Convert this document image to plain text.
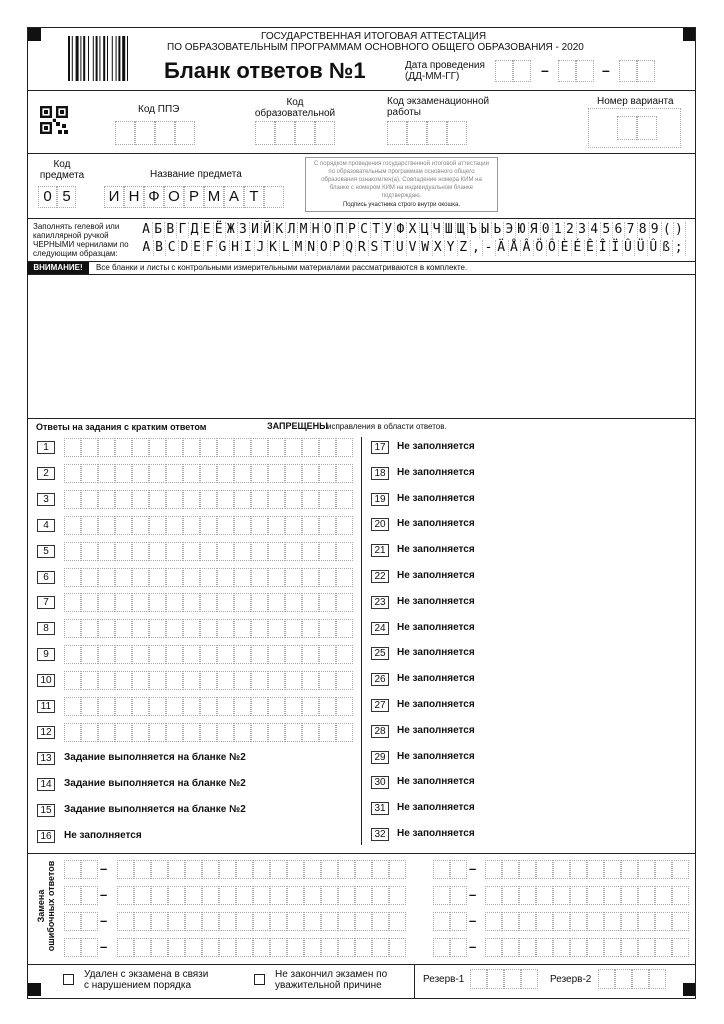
ГОСУДАРСТВЕННАЯ ИТОГОВАЯ АТТЕСТАЦИЯ
ПО ОБРАЗОВАТЕЛЬНЫМ ПРОГРАММАМ ОСНОВНОГО ОБЩЕГО ОБРАЗОВАНИЯ - 2020
Бланк ответов №1	Дата проведения
(ДД-ММ-ГГ)	–	–
Код ППЭ
Код образовательной
Код экзаменационной работы
Номер варианта
Код предмета	Название предмета
С порядком проведения государственной итоговой аттестации по образовательным программам основного общего образования ознакомлен(а). Совпадение номера КИМ на бланке с номером КИМ на индивидуальном бланке подтверждаю.
Подпись участника строго внутри окошка.
Заполнять гелевой или капиллярной ручкой ЧЕРНЫМИ чернилами по следующим образцам:
А Б В Г Д Е Ё Ж З И Й К Л М Н О П Р С Т У Ф Х Ц Ч Ш Щ Ъ Ы Ь Э Ю Я 0 1 2 3 4 5 6 7 8 9 ( )
A B C D E F G H I J K L M N O P Q R S T U V W X Y Z , - Ä Å Â Ö Ô È É Ê Î Ï Û Ü Û ß ;
ВНИМАНИЕ!	Все бланки и листы с контрольными измерительными материалами рассматриваются в комплекте.
Ответы на задания с кратким ответом	ЗАПРЕЩЕНЫ исправления в области ответов.
1
2
3
4
5
6
7
8
9
10
11
12
13	Задание выполняется на бланке №2
14	Задание выполняется на бланке №2
15	Задание выполняется на бланке №2
16	Не заполняется
17	Не заполняется
18	Не заполняется
19	Не заполняется
20	Не заполняется
21	Не заполняется
22	Не заполняется
23	Не заполняется
24	Не заполняется
25	Не заполняется
26	Не заполняется
27	Не заполняется
28	Не заполняется
29	Не заполняется
30	Не заполняется
31	Не заполняется
32	Не заполняется
Замена
ошибочных ответов	–	–
–	–
–	–
–	–
Удален с экзамена в связи с нарушением порядка
Не закончил экзамен по уважительной причине
Резерв-1	Резерв-2
0 5	И Н Ф О Р М А Т
